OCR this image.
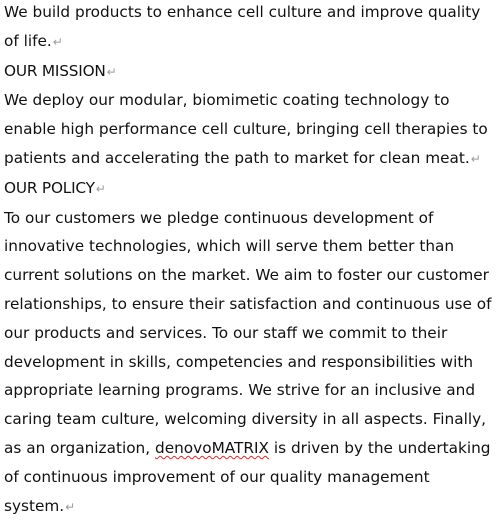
We build products to enhance cell culture and improve quality of life.↵

OUR MISSION↵

We deploy our modular, biomimetic coating technology to enable high performance cell culture, bringing cell therapies to patients and accelerating the path to market for clean meat.↵

OUR POLICY↵

To our customers we pledge continuous development of innovative technologies, which will serve them better than current solutions on the market. We aim to foster our customer relationships, to ensure their satisfaction and continuous use of our products and services. To our staff we commit to their development in skills, competencies and responsibilities with appropriate learning programs. We strive for an inclusive and caring team culture, welcoming diversity in all aspects. Finally, as an organization, denovoMATRIX is driven by the undertaking of continuous improvement of our quality management system.↵
